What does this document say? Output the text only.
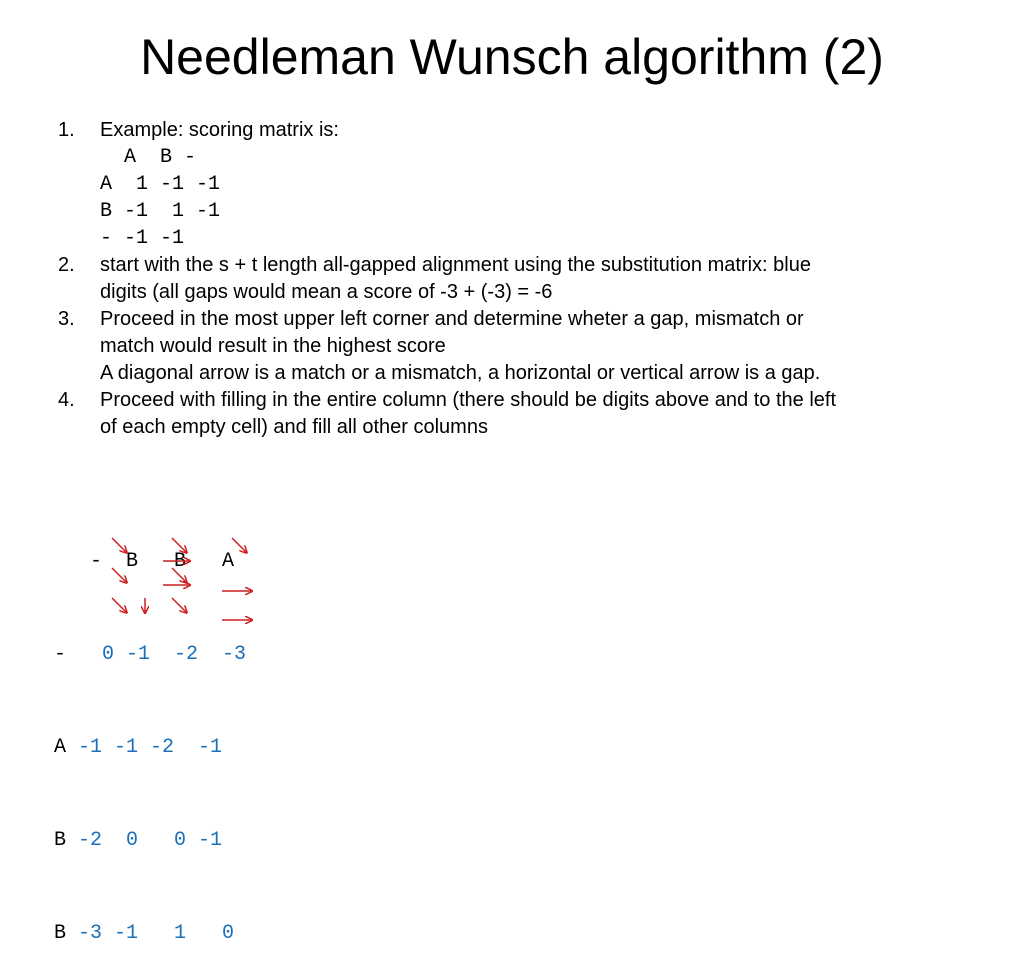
Needleman Wunsch algorithm (2)
1.	Example: scoring matrix is:
A  B -
A  1 -1 -1
B -1  1 -1
- -1 -1
2.	start with the s + t length all-gapped alignment using the substitution matrix: blue
digits (all gaps would mean a score of -3 + (-3) = -6
3.	Proceed in the most upper left corner and determine wheter a gap, mismatch or
match would result in the highest score
A diagonal arrow is a match or a mismatch, a horizontal or vertical arrow is a gap.
4.	Proceed with filling in the entire column (there should be digits above and to the left
of each empty cell) and fill all other columns

-  B   B   A

-   0 -1  -2  -3

A -1 -1 -2  -1

B -2  0   0 -1

B -3 -1   1   0
